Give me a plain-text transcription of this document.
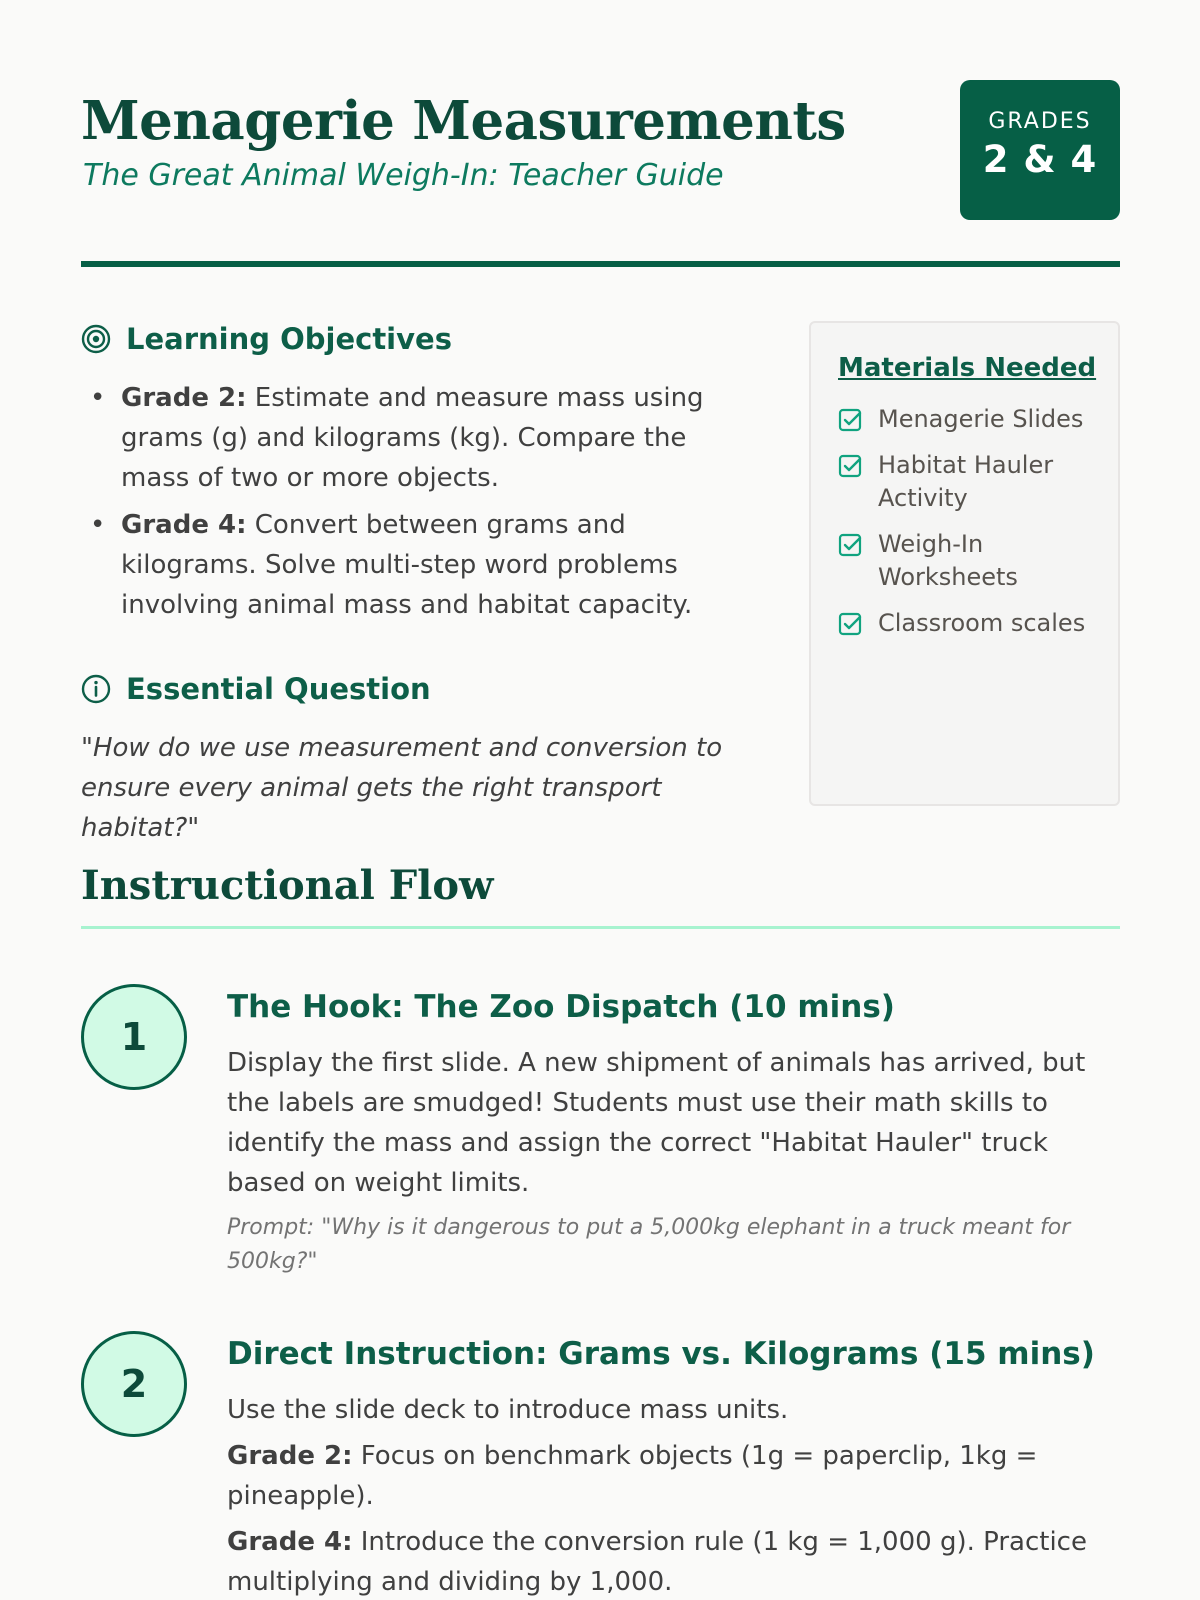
Menagerie Measurements
The Great Animal Weigh-In: Teacher Guide
GRADES
2 & 4
Learning Objectives
• Grade 2: Estimate and measure mass using grams (g) and kilograms (kg). Compare the mass of two or more objects.
• Grade 4: Convert between grams and kilograms. Solve multi-step word problems involving animal mass and habitat capacity.
Essential Question

"How do we use measurement and conversion to ensure every animal gets the right transport habitat?"

Materials Needed
Menagerie Slides
Habitat Hauler Activity
Weigh-In Worksheets
Classroom scales
Instructional Flow
1
The Hook: The Zoo Dispatch (10 mins)

Display the first slide. A new shipment of animals has arrived, but the labels are smudged! Students must use their math skills to identify the mass and assign the correct "Habitat Hauler" truck based on weight limits.

Prompt: "Why is it dangerous to put a 5,000kg elephant in a truck meant for 500kg?"

2
Direct Instruction: Grams vs. Kilograms (15 mins)

Use the slide deck to introduce mass units.

Grade 2: Focus on benchmark objects (1g = paperclip, 1kg = pineapple).

Grade 4: Introduce the conversion rule (1 kg = 1,000 g). Practice multiplying and dividing by 1,000.
